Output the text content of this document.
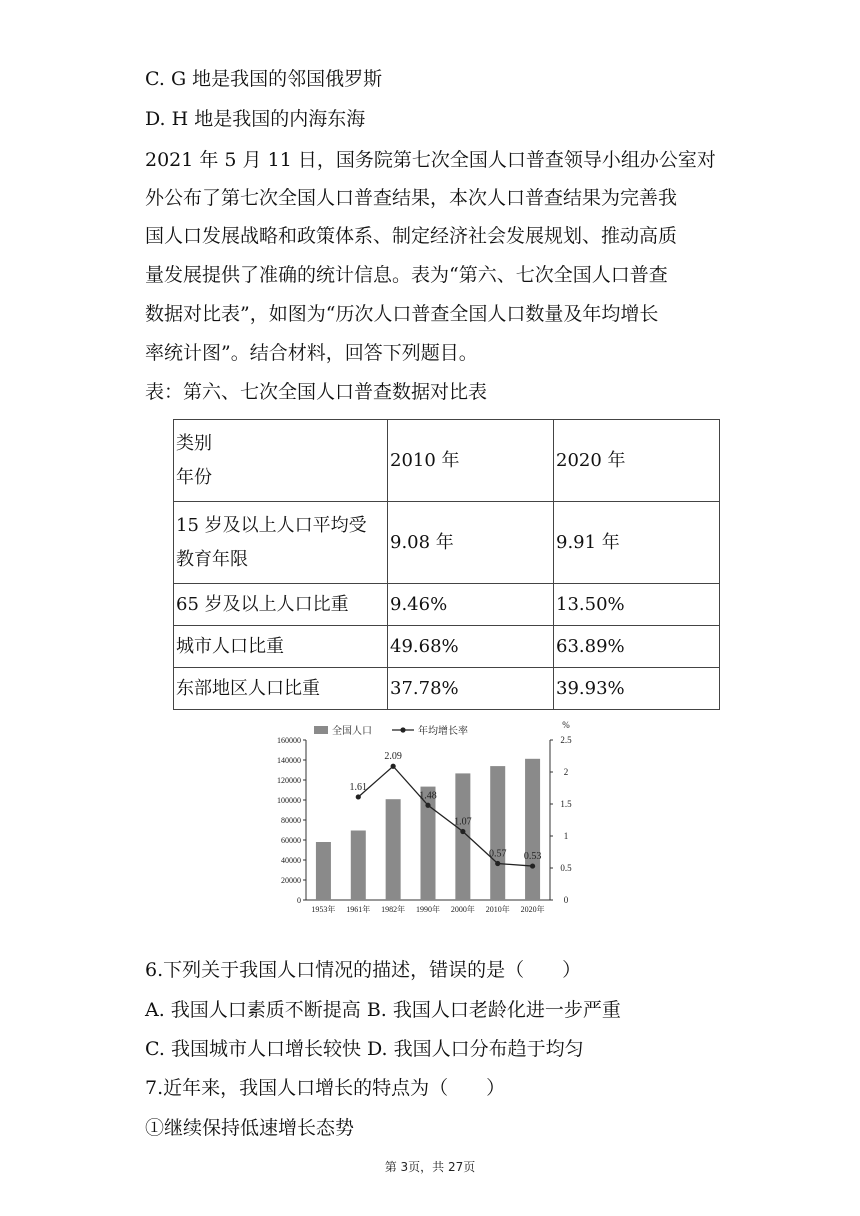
C. G 地是我国的邻国俄罗斯
D. H 地是我国的内海东海
2021 年 5 月 11 日，国务院第七次全国人口普查领导小组办公室对
外公布了第七次全国人口普查结果，本次人口普查结果为完善我
国人口发展战略和政策体系、制定经济社会发展规划、推动高质
量发展提供了准确的统计信息。表为“第六、七次全国人口普查
数据对比表”，如图为“历次人口普查全国人口数量及年均增长
率统计图”。结合材料，回答下列题目。
表：第六、七次全国人口普查数据对比表
类别
年份	2010 年	2020 年

15 岁及以上人口平均受
教育年限	9.08 年	9.91 年
65 岁及以上人口比重	9.46%	13.50%
城市人口比重	49.68%	63.89%
东部地区人口比重	37.78%	39.93%
0
20000
40000
60000
80000
100000
120000
140000
160000
0
0.5
1
1.5
2
2.5
%
1.61
2.09
1.48
1.07
0.57 0.53
1953年 1961年 1982年 1990年 2000年 2010年 2020年
全国人口	年均增长率
6.下列关于我国人口情况的描述，错误的是（　　）
A. 我国人口素质不断提高 B. 我国人口老龄化进一步严重
C. 我国城市人口增长较快 D. 我国人口分布趋于均匀
7.近年来，我国人口增长的特点为（　　）
①继续保持低速增长态势
第 3页，共 27页
